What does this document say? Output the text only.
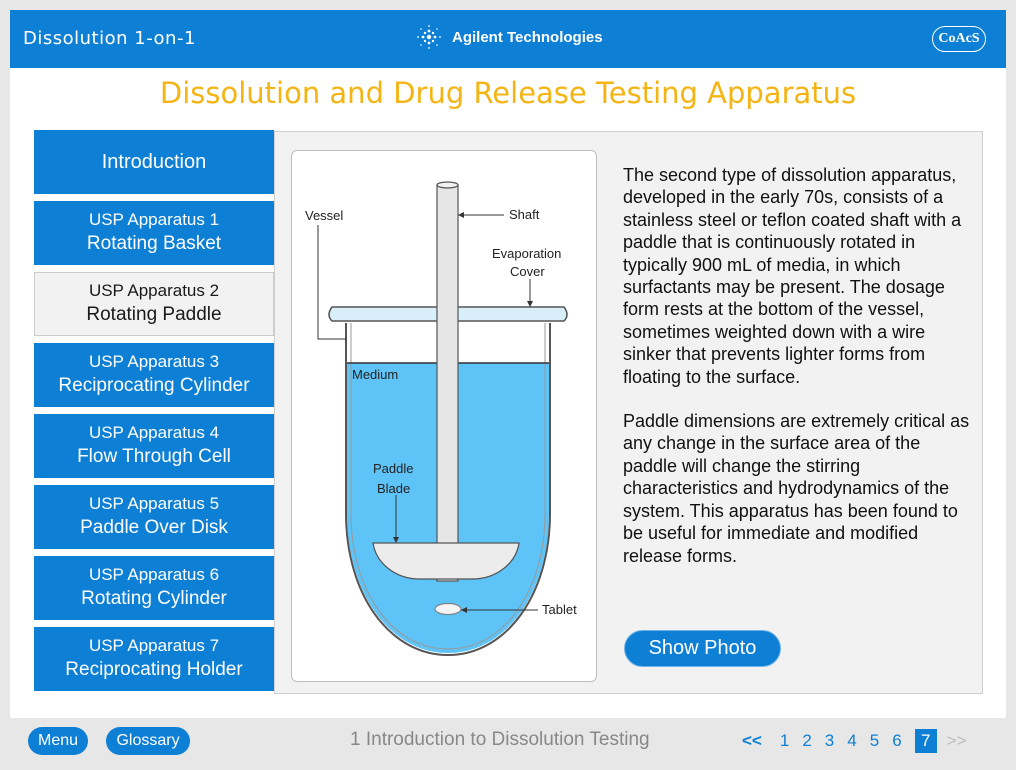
Dissolution 1-on-1	Agilent Technologies	CoAcS
Dissolution and Drug Release Testing Apparatus
Introduction
USP Apparatus 1
Rotating Basket
USP Apparatus 2
Rotating Paddle
USP Apparatus 3
Reciprocating Cylinder
USP Apparatus 4
Flow Through Cell
USP Apparatus 5
Paddle Over Disk
USP Apparatus 6
Rotating Cylinder
USP Apparatus 7
Reciprocating Holder
Vessel	Shaft
Evaporation
Cover
Medium
Paddle
Blade
Tablet

The second type of dissolution apparatus, developed in the early 70s, consists of a stainless steel or teflon coated shaft with a paddle that is continuously rotated in typically 900 mL of media, in which surfactants may be present. The dosage form rests at the bottom of the vessel, sometimes weighted down with a wire sinker that prevents lighter forms from floating to the surface.

Paddle dimensions are extremely critical as any change in the surface area of the paddle will change the stirring characteristics and hydrodynamics of the system. This apparatus has been found to be useful for immediate and modified release forms.

Show Photo
Menu	Glossary	1 Introduction to Dissolution Testing	<< 1 2 3 4 5 6	7 >>
